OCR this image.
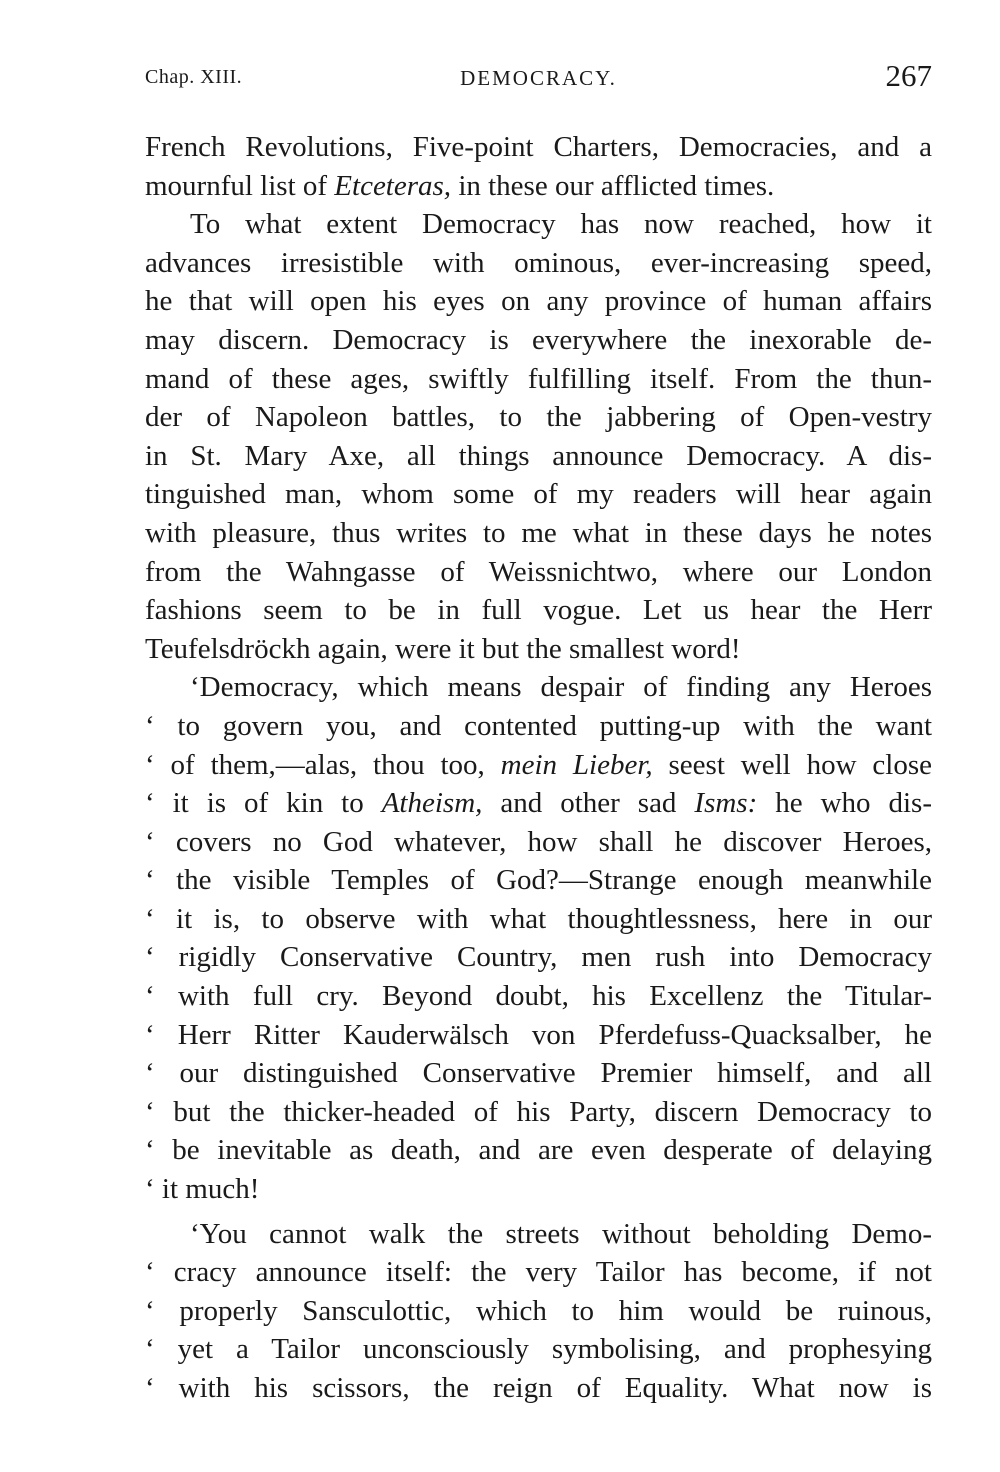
Chap. XIII.	DEMOCRACY.	267
French Revolutions, Five-point Charters, Democracies, and a
mournful list of Etceteras, in these our afflicted times.
To what extent Democracy has now reached, how it
advances irresistible with ominous, ever-increasing speed,
he that will open his eyes on any province of human affairs
may discern. Democracy is everywhere the inexorable de-
mand of these ages, swiftly fulfilling itself. From the thun-
der of Napoleon battles, to the jabbering of Open-vestry
in St. Mary Axe, all things announce Democracy. A dis-
tinguished man, whom some of my readers will hear again
with pleasure, thus writes to me what in these days he notes
from the Wahngasse of Weissnichtwo, where our London
fashions seem to be in full vogue. Let us hear the Herr
Teufelsdröckh again, were it but the smallest word!
‘Democracy, which means despair of finding any Heroes
‘ to govern you, and contented putting-up with the want
‘ of them,—alas, thou too, mein Lieber, seest well how close
‘ it is of kin to Atheism, and other sad Isms: he who dis-
‘ covers no God whatever, how shall he discover Heroes,
‘ the visible Temples of God?—Strange enough meanwhile
‘ it is, to observe with what thoughtlessness, here in our
‘ rigidly Conservative Country, men rush into Democracy
‘ with full cry. Beyond doubt, his Excellenz the Titular-
‘ Herr Ritter Kauderwälsch von Pferdefuss-Quacksalber, he
‘ our distinguished Conservative Premier himself, and all
‘ but the thicker-headed of his Party, discern Democracy to
‘ be inevitable as death, and are even desperate of delaying
‘ it much!
‘You cannot walk the streets without beholding Demo-
‘ cracy announce itself: the very Tailor has become, if not
‘ properly Sansculottic, which to him would be ruinous,
‘ yet a Tailor unconsciously symbolising, and prophesying
‘ with his scissors, the reign of Equality. What now is
